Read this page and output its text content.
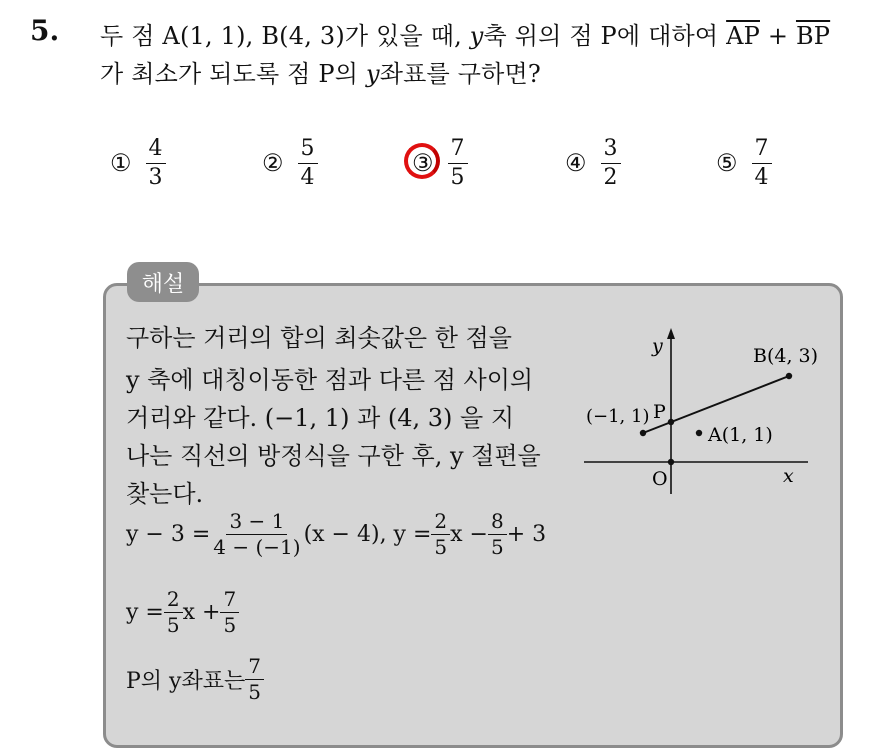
5. 두 점 A(1, 1), B(4, 3)가 있을 때, y축 위의 점 P에 대하여 $\overline{AP} + \overline{BP}$
가 최소가 되도록 점 P의 y좌표를 구하면?
① $\frac{4}{3}$	② $\frac{5}{4}$	③ $\frac{7}{5}$	④ $\frac{3}{2}$	⑤ $\frac{7}{4}$
해설
구하는 거리의 합의 최솟값은 한 점을
y 축에 대칭이동한 점과 다른 점 사이의
거리와 같다. (−1, 1) 과 (4, 3) 을 지
나는 직선의 방정식을 구한 후, y 절편을
찾는다.
$y - 3 = \frac{3 - 1}{4 - (-1)} (x - 4)$, $y = \frac{2}{5}$ $x - \frac{8}{5} + 3$
$y = \frac{2}{5}$ $x + \frac{7}{5}$
P의 y좌표는 $\frac{7}{5}$
y
x
O
B(4, 3)
(−1, 1) P
A(1, 1)
